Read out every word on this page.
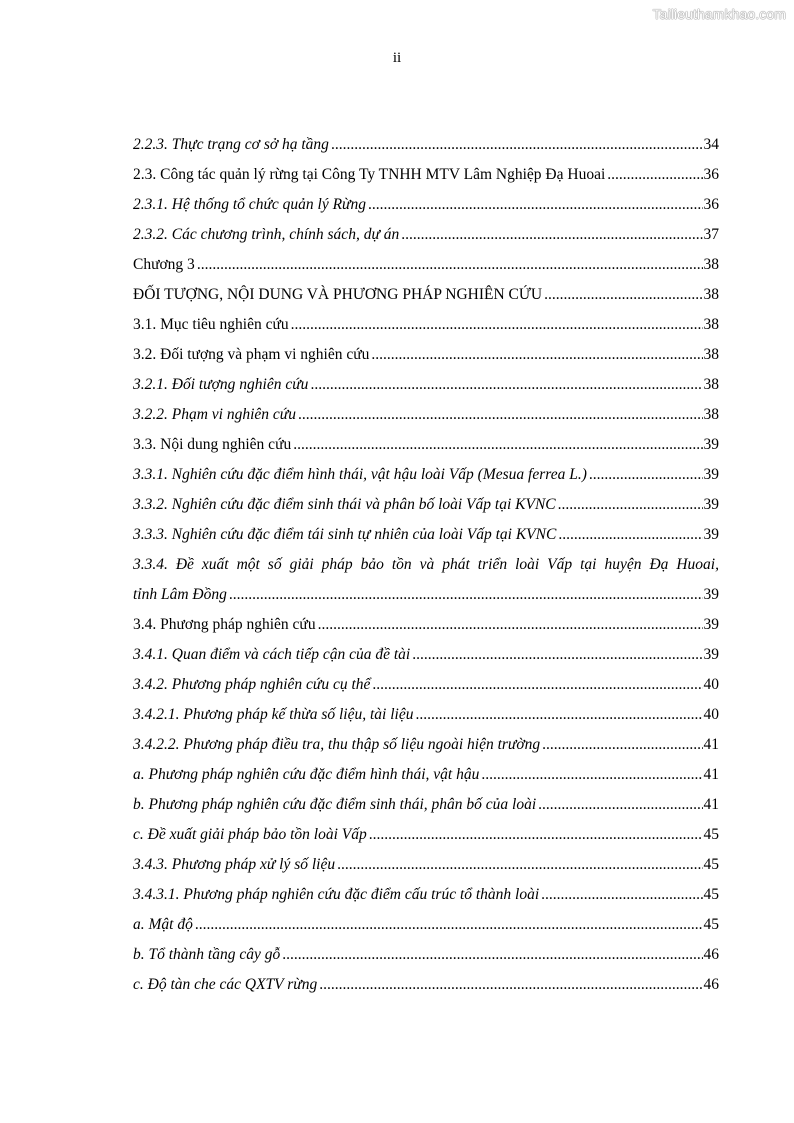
Tailieuthamkhao.com
ii
2.2.3. Thực trạng cơ sở hạ tầng .....	34
2.3. Công tác quản lý rừng tại Công Ty TNHH MTV Lâm Nghiệp Đạ Huoai .....	36
2.3.1. Hệ thống tổ chức quản lý Rừng .....	36
2.3.2. Các chương trình, chính sách, dự án .....	37
Chương 3 .....	38
ĐỐI TƯỢNG, NỘI DUNG VÀ PHƯƠNG PHÁP NGHIÊN CỨU .....	38
3.1. Mục tiêu nghiên cứu .....	38
3.2. Đối tượng và phạm vi nghiên cứu .....	38
3.2.1. Đối tượng nghiên cứu .....	38
3.2.2. Phạm vi nghiên cứu .....	38
3.3. Nội dung nghiên cứu .....	39
3.3.1. Nghiên cứu đặc điểm hình thái, vật hậu loài Vấp (Mesua ferrea L.) .....	39
3.3.2. Nghiên cứu đặc điểm sinh thái và phân bố loài Vấp tại KVNC .....	39
3.3.3. Nghiên cứu đặc điểm tái sinh tự nhiên của loài Vấp tại KVNC .....	39
3.3.4. Đề xuất một số giải pháp bảo tồn và phát triển loài Vấp tại huyện Đạ Huoai,
tỉnh Lâm Đồng .....	39
3.4. Phương pháp nghiên cứu .....	39
3.4.1. Quan điểm và cách tiếp cận của đề tài .....	39
3.4.2. Phương pháp nghiên cứu cụ thể .....	40
3.4.2.1. Phương pháp kế thừa số liệu, tài liệu .....	40
3.4.2.2. Phương pháp điều tra, thu thập số liệu ngoài hiện trường .....	41
a. Phương pháp nghiên cứu đặc điểm hình thái, vật hậu .....	41
b. Phương pháp nghiên cứu đặc điểm sinh thái, phân bố của loài .....	41
c. Đề xuất giải pháp bảo tồn loài Vấp .....	45
3.4.3. Phương pháp xử lý số liệu .....	45
3.4.3.1. Phương pháp nghiên cứu đặc điểm cấu trúc tổ thành loài .....	45
a. Mật độ .....	45
b. Tổ thành tầng cây gỗ .....	46
c. Độ tàn che các QXTV rừng .....	46
